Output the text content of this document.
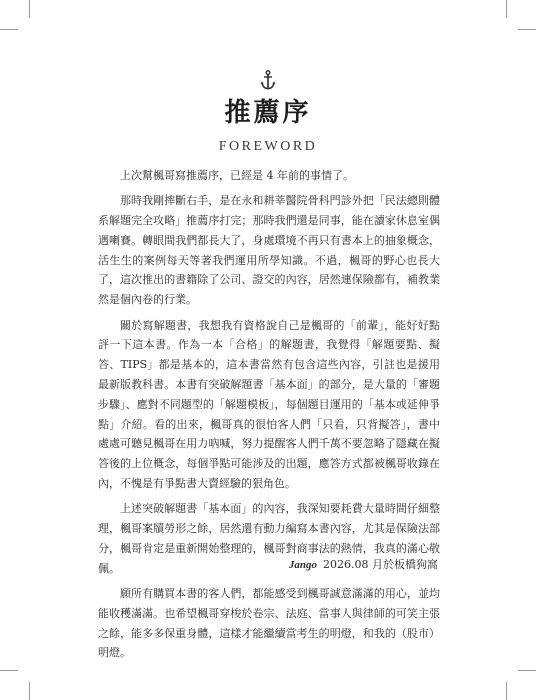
推薦序
FOREWORD

上次幫楓哥寫推薦序，已經是 4 年前的事情了。

那時我剛摔斷右手，是在永和耕莘醫院骨科門診外把「民法總則體系解題完全攻略」推薦序打完；那時我們還是同事，能在讀家休息室偶遇喇賽。轉眼間我們都長大了，身處環境不再只有書本上的抽象概念，活生生的案例每天等著我們運用所學知識。不過，楓哥的野心也長大了，這次推出的書籍除了公司、證交的內容，居然連保險都有，補教業然是個內卷的行業。

關於寫解題書，我想我有資格說自己是楓哥的「前輩」，能好好點評一下這本書。作為一本「合格」的解題書，我覺得「解題要點、擬答、TIPS」都是基本的，這本書當然有包含這些內容，引註也是援用最新版教科書。本書有突破解題書「基本面」的部分，是大量的「審題步驟」、應對不同題型的「解題模板」，每個題目運用的「基本或延伸爭點」介紹。看的出來，楓哥真的很怕客人們「只看，只背擬答」，書中處處可聽見楓哥在用力吶喊，努力提醒客人們千萬不要忽略了隱藏在擬答後的上位概念，每個爭點可能涉及的出題，應答方式都被楓哥收錄在內，不愧是有爭點書大賣經驗的狠角色。

上述突破解題書「基本面」的內容，我深知要耗費大量時間仔細整理，楓哥案牘勞形之餘，居然還有動力編寫本書內容，尤其是保險法部分，楓哥肯定是重新開始整理的，楓哥對商事法的熱情，我真的滿心敬佩。

願所有購買本書的客人們，都能感受到楓哥誠意滿滿的用心，並均能收穫滿滿。也希望楓哥穿梭於卷宗、法庭、當事人與律師的可笑主張之餘，能多多保重身體，這樣才能繼續當考生的明燈，和我的（股市）明燈。

Jango 2026.08 月於板橋狗窩
